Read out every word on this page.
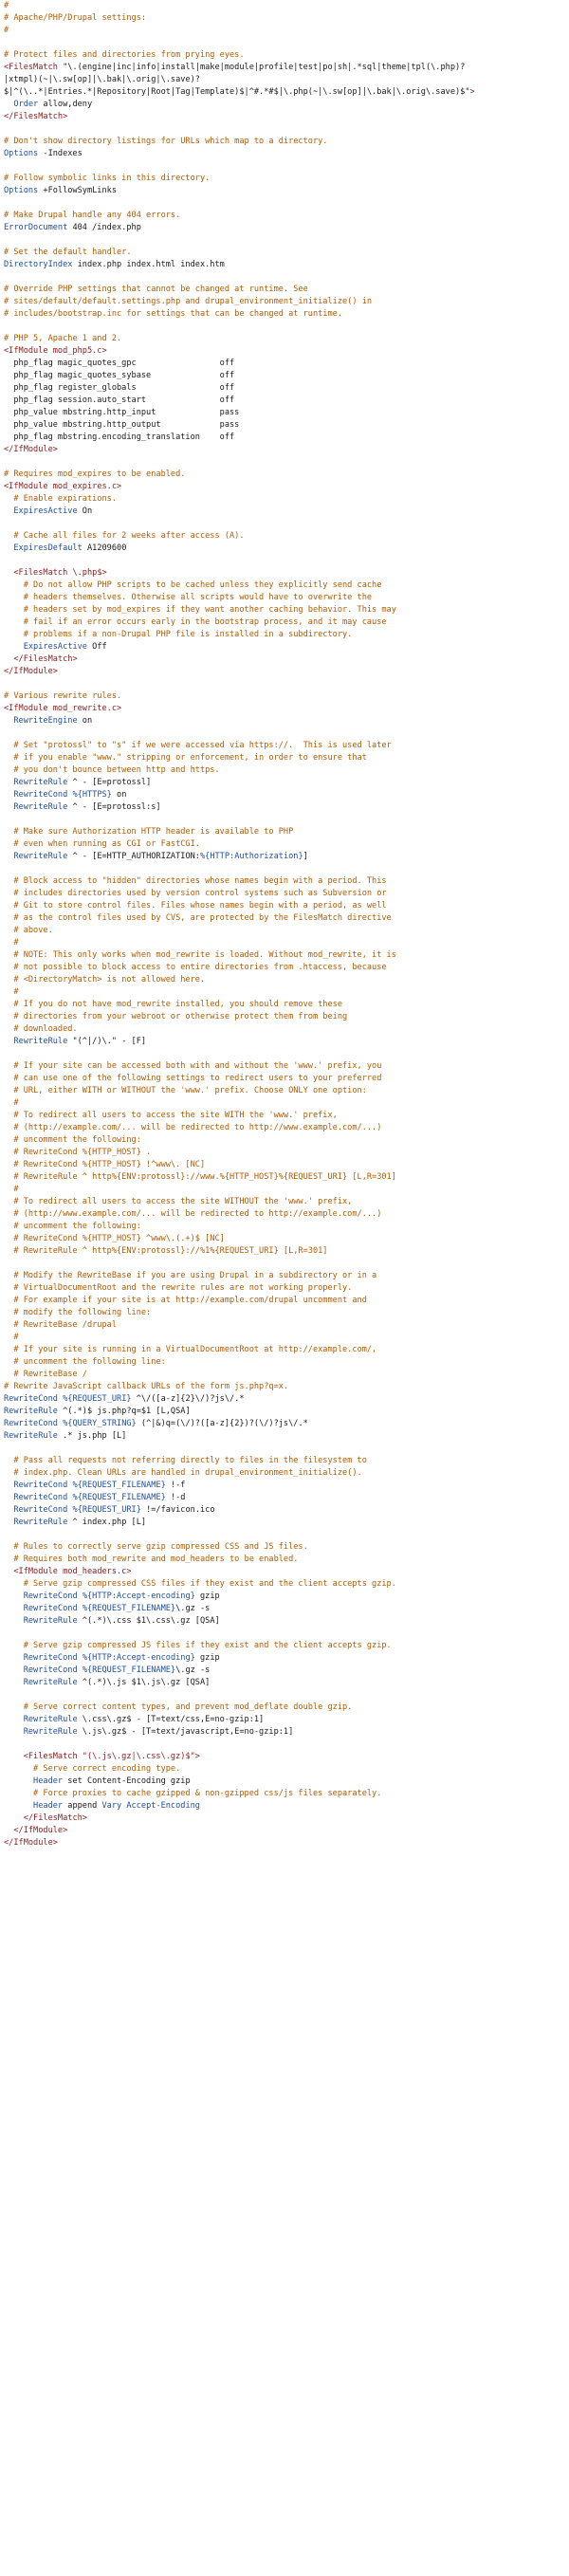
#
# Apache/PHP/Drupal settings:
#

# Protect files and directories from prying eyes.
<FilesMatch "\.(engine|inc|info|install|make|module|profile|test|po|sh|.*sql|theme|tpl(\.php)?
|xtmpl)(~|\.sw[op]|\.bak|\.orig|\.save)?
$|^(\..*|Entries.*|Repository|Root|Tag|Template)$|^#.*#$|\.php(~|\.sw[op]|\.bak|\.orig\.save)$">
Order allow,deny
</FilesMatch>

# Don't show directory listings for URLs which map to a directory.
Options -Indexes

# Follow symbolic links in this directory.
Options +FollowSymLinks

# Make Drupal handle any 404 errors.
ErrorDocument 404 /index.php

# Set the default handler.
DirectoryIndex index.php index.html index.htm

# Override PHP settings that cannot be changed at runtime. See
# sites/default/default.settings.php and drupal_environment_initialize() in
# includes/bootstrap.inc for settings that can be changed at runtime.

# PHP 5, Apache 1 and 2.
<IfModule mod_php5.c>
php_flag magic_quotes_gpc                 off
php_flag magic_quotes_sybase              off
php_flag register_globals                 off
php_flag session.auto_start               off
php_value mbstring.http_input             pass
php_value mbstring.http_output            pass
php_flag mbstring.encoding_translation    off
</IfModule>

# Requires mod_expires to be enabled.
<IfModule mod_expires.c>
# Enable expirations.
ExpiresActive On

# Cache all files for 2 weeks after access (A).
ExpiresDefault A1209600

<FilesMatch \.php$>
# Do not allow PHP scripts to be cached unless they explicitly send cache
# headers themselves. Otherwise all scripts would have to overwrite the
# headers set by mod_expires if they want another caching behavior. This may
# fail if an error occurs early in the bootstrap process, and it may cause
# problems if a non-Drupal PHP file is installed in a subdirectory.
ExpiresActive Off
</FilesMatch>
</IfModule>

# Various rewrite rules.
<IfModule mod_rewrite.c>
RewriteEngine on

# Set "protossl" to "s" if we were accessed via https://.  This is used later
# if you enable "www." stripping or enforcement, in order to ensure that
# you don't bounce between http and https.
RewriteRule ^ - [E=protossl]
RewriteCond %{HTTPS} on
RewriteRule ^ - [E=protossl:s]

# Make sure Authorization HTTP header is available to PHP
# even when running as CGI or FastCGI.
RewriteRule ^ - [E=HTTP_AUTHORIZATION:%{HTTP:Authorization}]

# Block access to "hidden" directories whose names begin with a period. This
# includes directories used by version control systems such as Subversion or
# Git to store control files. Files whose names begin with a period, as well
# as the control files used by CVS, are protected by the FilesMatch directive
# above.
#
# NOTE: This only works when mod_rewrite is loaded. Without mod_rewrite, it is
# not possible to block access to entire directories from .htaccess, because
# <DirectoryMatch> is not allowed here.
#
# If you do not have mod_rewrite installed, you should remove these
# directories from your webroot or otherwise protect them from being
# downloaded.
RewriteRule "(^|/)\." - [F]

# If your site can be accessed both with and without the 'www.' prefix, you
# can use one of the following settings to redirect users to your preferred
# URL, either WITH or WITHOUT the 'www.' prefix. Choose ONLY one option:
#
# To redirect all users to access the site WITH the 'www.' prefix,
# (http://example.com/... will be redirected to http://www.example.com/...)
# uncomment the following:
# RewriteCond %{HTTP_HOST} .
# RewriteCond %{HTTP_HOST} !^www\. [NC]
# RewriteRule ^ http%{ENV:protossl}://www.%{HTTP_HOST}%{REQUEST_URI} [L,R=301]
#
# To redirect all users to access the site WITHOUT the 'www.' prefix,
# (http://www.example.com/... will be redirected to http://example.com/...)
# uncomment the following:
# RewriteCond %{HTTP_HOST} ^www\.(.+)$ [NC]
# RewriteRule ^ http%{ENV:protossl}://%1%{REQUEST_URI} [L,R=301]

# Modify the RewriteBase if you are using Drupal in a subdirectory or in a
# VirtualDocumentRoot and the rewrite rules are not working properly.
# For example if your site is at http://example.com/drupal uncomment and
# modify the following line:
# RewriteBase /drupal
#
# If your site is running in a VirtualDocumentRoot at http://example.com/,
# uncomment the following line:
# RewriteBase /
# Rewrite JavaScript callback URLs of the form js.php?q=x.
RewriteCond %{REQUEST_URI} ^\/([a-z]{2}\/)?js\/.*
RewriteRule ^(.*)$ js.php?q=$1 [L,QSA]
RewriteCond %{QUERY_STRING} (^|&)q=(\/)?([a-z]{2})?(\/)?js\/.*
RewriteRule .* js.php [L]

# Pass all requests not referring directly to files in the filesystem to
# index.php. Clean URLs are handled in drupal_environment_initialize().
RewriteCond %{REQUEST_FILENAME} !-f
RewriteCond %{REQUEST_FILENAME} !-d
RewriteCond %{REQUEST_URI} !=/favicon.ico
RewriteRule ^ index.php [L]

# Rules to correctly serve gzip compressed CSS and JS files.
# Requires both mod_rewrite and mod_headers to be enabled.
<IfModule mod_headers.c>
# Serve gzip compressed CSS files if they exist and the client accepts gzip.
RewriteCond %{HTTP:Accept-encoding} gzip
RewriteCond %{REQUEST_FILENAME}\.gz -s
RewriteRule ^(.*)\.css $1\.css\.gz [QSA]

# Serve gzip compressed JS files if they exist and the client accepts gzip.
RewriteCond %{HTTP:Accept-encoding} gzip
RewriteCond %{REQUEST_FILENAME}\.gz -s
RewriteRule ^(.*)\.js $1\.js\.gz [QSA]

# Serve correct content types, and prevent mod_deflate double gzip.
RewriteRule \.css\.gz$ - [T=text/css,E=no-gzip:1]
RewriteRule \.js\.gz$ - [T=text/javascript,E=no-gzip:1]

<FilesMatch "(\.js\.gz|\.css\.gz)$">
# Serve correct encoding type.
Header set Content-Encoding gzip
# Force proxies to cache gzipped & non-gzipped css/js files separately.
Header append Vary Accept-Encoding
</FilesMatch>
</IfModule>
</IfModule>
